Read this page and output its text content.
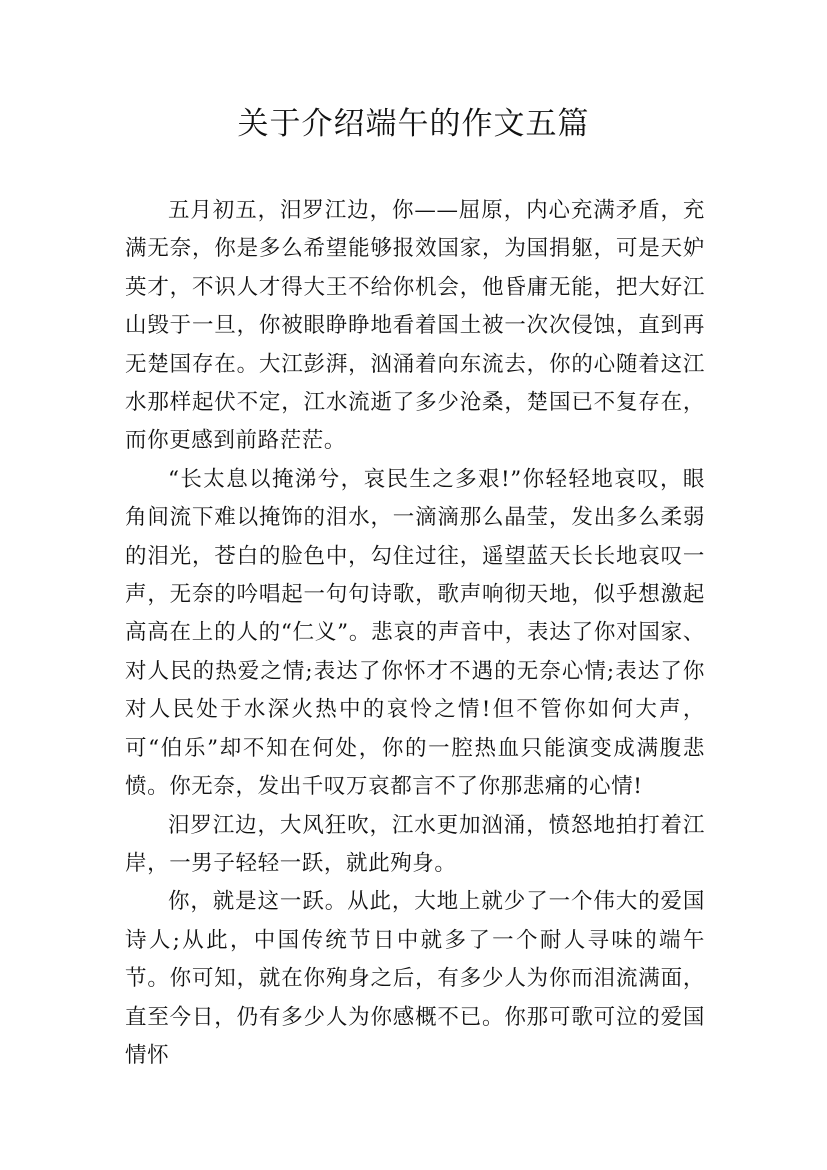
关于介绍端午的作文五篇

五月初五，汨罗江边，你——屈原，内心充满矛盾，充满无奈，你是多么希望能够报效国家，为国捐躯，可是天妒英才，不识人才得大王不给你机会，他昏庸无能，把大好江山毁于一旦，你被眼睁睁地看着国土被一次次侵蚀，直到再无楚国存在。大江彭湃，汹涌着向东流去，你的心随着这江水那样起伏不定，江水流逝了多少沧桑，楚国已不复存在，而你更感到前路茫茫。

“长太息以掩涕兮，哀民生之多艰!”你轻轻地哀叹，眼角间流下难以掩饰的泪水，一滴滴那么晶莹，发出多么柔弱的泪光，苍白的脸色中，勾住过往，遥望蓝天长长地哀叹一声，无奈的吟唱起一句句诗歌，歌声响彻天地，似乎想激起高高在上的人的“仁义”。悲哀的声音中，表达了你对国家、对人民的热爱之情;表达了你怀才不遇的无奈心情;表达了你对人民处于水深火热中的哀怜之情!但不管你如何大声，可“伯乐”却不知在何处，你的一腔热血只能演变成满腹悲愤。你无奈，发出千叹万哀都言不了你那悲痛的心情!

汨罗江边，大风狂吹，江水更加汹涌，愤怒地拍打着江岸，一男子轻轻一跃，就此殉身。

你，就是这一跃。从此，大地上就少了一个伟大的爱国诗人;从此，中国传统节日中就多了一个耐人寻味的端午节。你可知，就在你殉身之后，有多少人为你而泪流满面，直至今日，仍有多少人为你感概不已。你那可歌可泣的爱国情怀
